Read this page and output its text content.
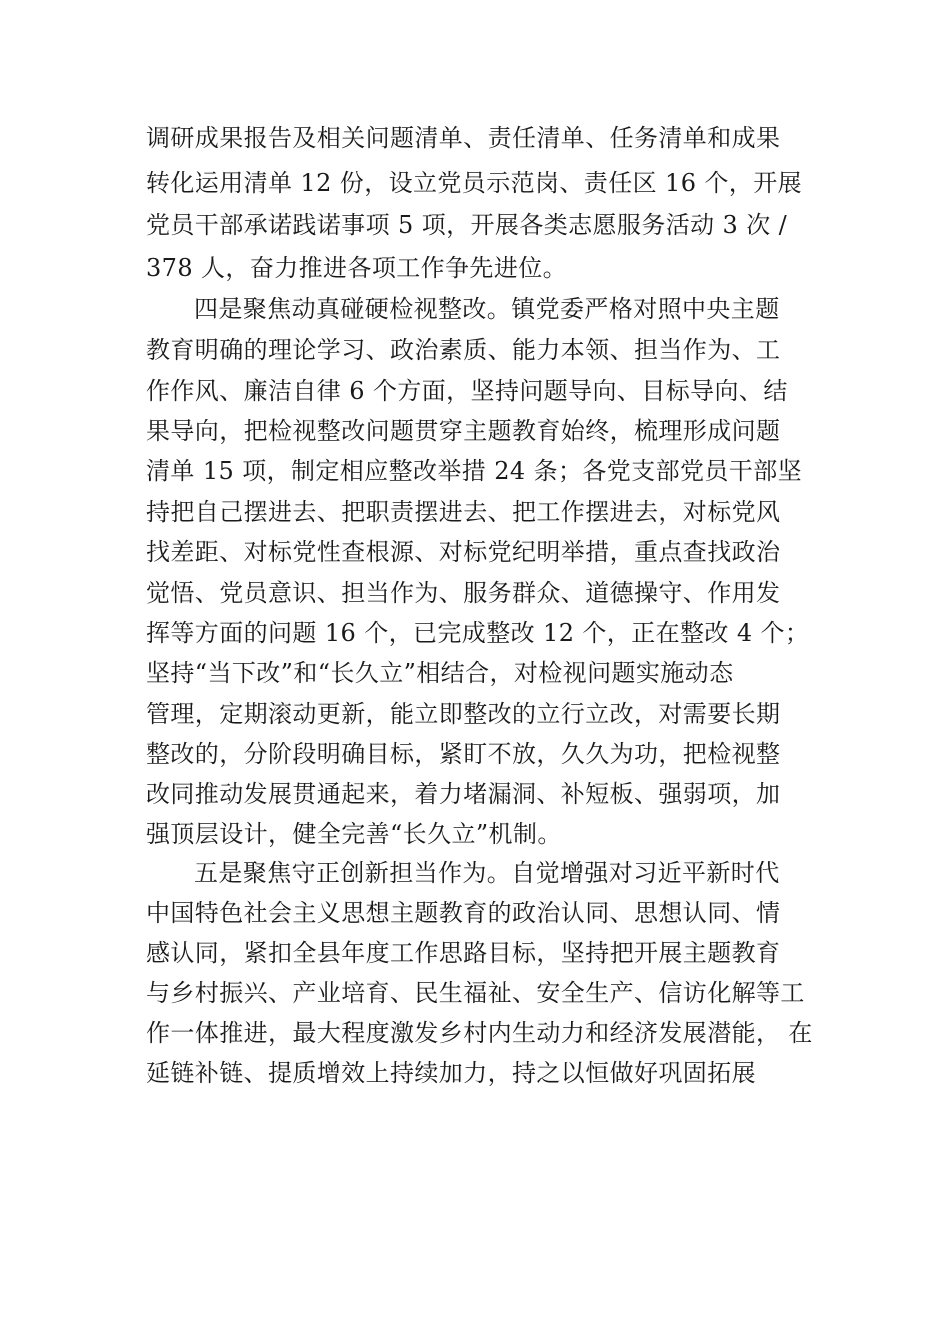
调研成果报告及相关问题清单、责任清单、任务清单和成果
转化运用清单 12 份，设立党员示范岗、责任区 16 个，开展
党员干部承诺践诺事项 5 项，开展各类志愿服务活动 3 次 /
378 人，奋力推进各项工作争先进位。
四是聚焦动真碰硬检视整改。镇党委严格对照中央主题
教育明确的理论学习、政治素质、能力本领、担当作为、工
作作风、廉洁自律 6 个方面，坚持问题导向、目标导向、结
果导向，把检视整改问题贯穿主题教育始终，梳理形成问题
清单 15 项，制定相应整改举措 24 条；各党支部党员干部坚
持把自己摆进去、把职责摆进去、把工作摆进去，对标党风
找差距、对标党性查根源、对标党纪明举措，重点查找政治
觉悟、党员意识、担当作为、服务群众、道德操守、作用发
挥等方面的问题 16 个，已完成整改 12 个，正在整改 4 个；
坚持“当下改”和“长久立”相结合，对检视问题实施动态
管理，定期滚动更新，能立即整改的立行立改，对需要长期
整改的，分阶段明确目标，紧盯不放，久久为功，把检视整
改同推动发展贯通起来，着力堵漏洞、补短板、强弱项，加
强顶层设计，健全完善“长久立”机制。
五是聚焦守正创新担当作为。自觉增强对习近平新时代
中国特色社会主义思想主题教育的政治认同、思想认同、情
感认同，紧扣全县年度工作思路目标，坚持把开展主题教育
与乡村振兴、产业培育、民生福祉、安全生产、信访化解等工
作一体推进，最大程度激发乡村内生动力和经济发展潜能， 在
延链补链、提质增效上持续加力，持之以恒做好巩固拓展
